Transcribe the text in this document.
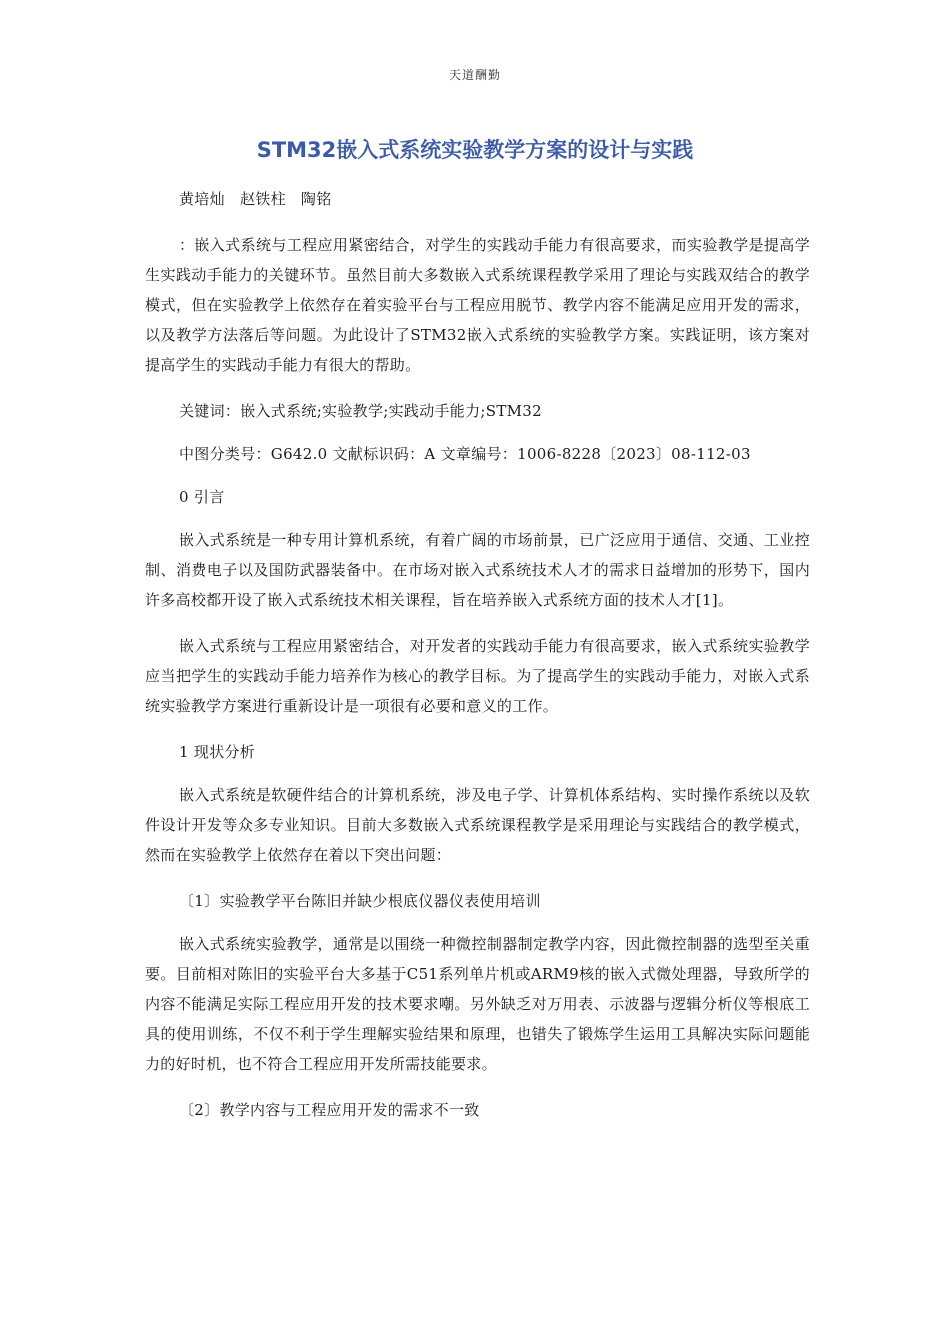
天道酬勤
STM32嵌入式系统实验教学方案的设计与实践

黄培灿 赵铁柱 陶铭

：嵌入式系统与工程应用紧密结合，对学生的实践动手能力有很高要求，而实验教学是提高学生实践动手能力的关键环节。虽然目前大多数嵌入式系统课程教学采用了理论与实践双结合的教学模式，但在实验教学上依然存在着实验平台与工程应用脱节、教学内容不能满足应用开发的需求，以及教学方法落后等问题。为此设计了STM32嵌入式系统的实验教学方案。实践证明，该方案对提高学生的实践动手能力有很大的帮助。

关键词：嵌入式系统;实验教学;实践动手能力;STM32

中图分类号：G642.0 文献标识码：A 文章编号：1006-8228〔2023〕08-112-03

0 引言

嵌入式系统是一种专用计算机系统，有着广阔的市场前景，已广泛应用于通信、交通、工业控制、消费电子以及国防武器装备中。在市场对嵌入式系统技术人才的需求日益增加的形势下，国内许多高校都开设了嵌入式系统技术相关课程，旨在培养嵌入式系统方面的技术人才[1]。

嵌入式系统与工程应用紧密结合，对开发者的实践动手能力有很高要求，嵌入式系统实验教学应当把学生的实践动手能力培养作为核心的教学目标。为了提高学生的实践动手能力，对嵌入式系统实验教学方案进行重新设计是一项很有必要和意义的工作。

1 现状分析

嵌入式系统是软硬件结合的计算机系统，涉及电子学、计算机体系结构、实时操作系统以及软件设计开发等众多专业知识。目前大多数嵌入式系统课程教学是采用理论与实践结合的教学模式，然而在实验教学上依然存在着以下突出问题：

〔1〕实验教学平台陈旧并缺少根底仪器仪表使用培训

嵌入式系统实验教学，通常是以围绕一种微控制器制定教学内容，因此微控制器的选型至关重要。目前相对陈旧的实验平台大多基于C51系列单片机或ARM9核的嵌入式微处理器，导致所学的内容不能满足实际工程应用开发的技术要求嘲。另外缺乏对万用表、示波器与逻辑分析仪等根底工具的使用训练，不仅不利于学生理解实验结果和原理，也错失了锻炼学生运用工具解决实际问题能力的好时机，也不符合工程应用开发所需技能要求。

〔2〕教学内容与工程应用开发的需求不一致
